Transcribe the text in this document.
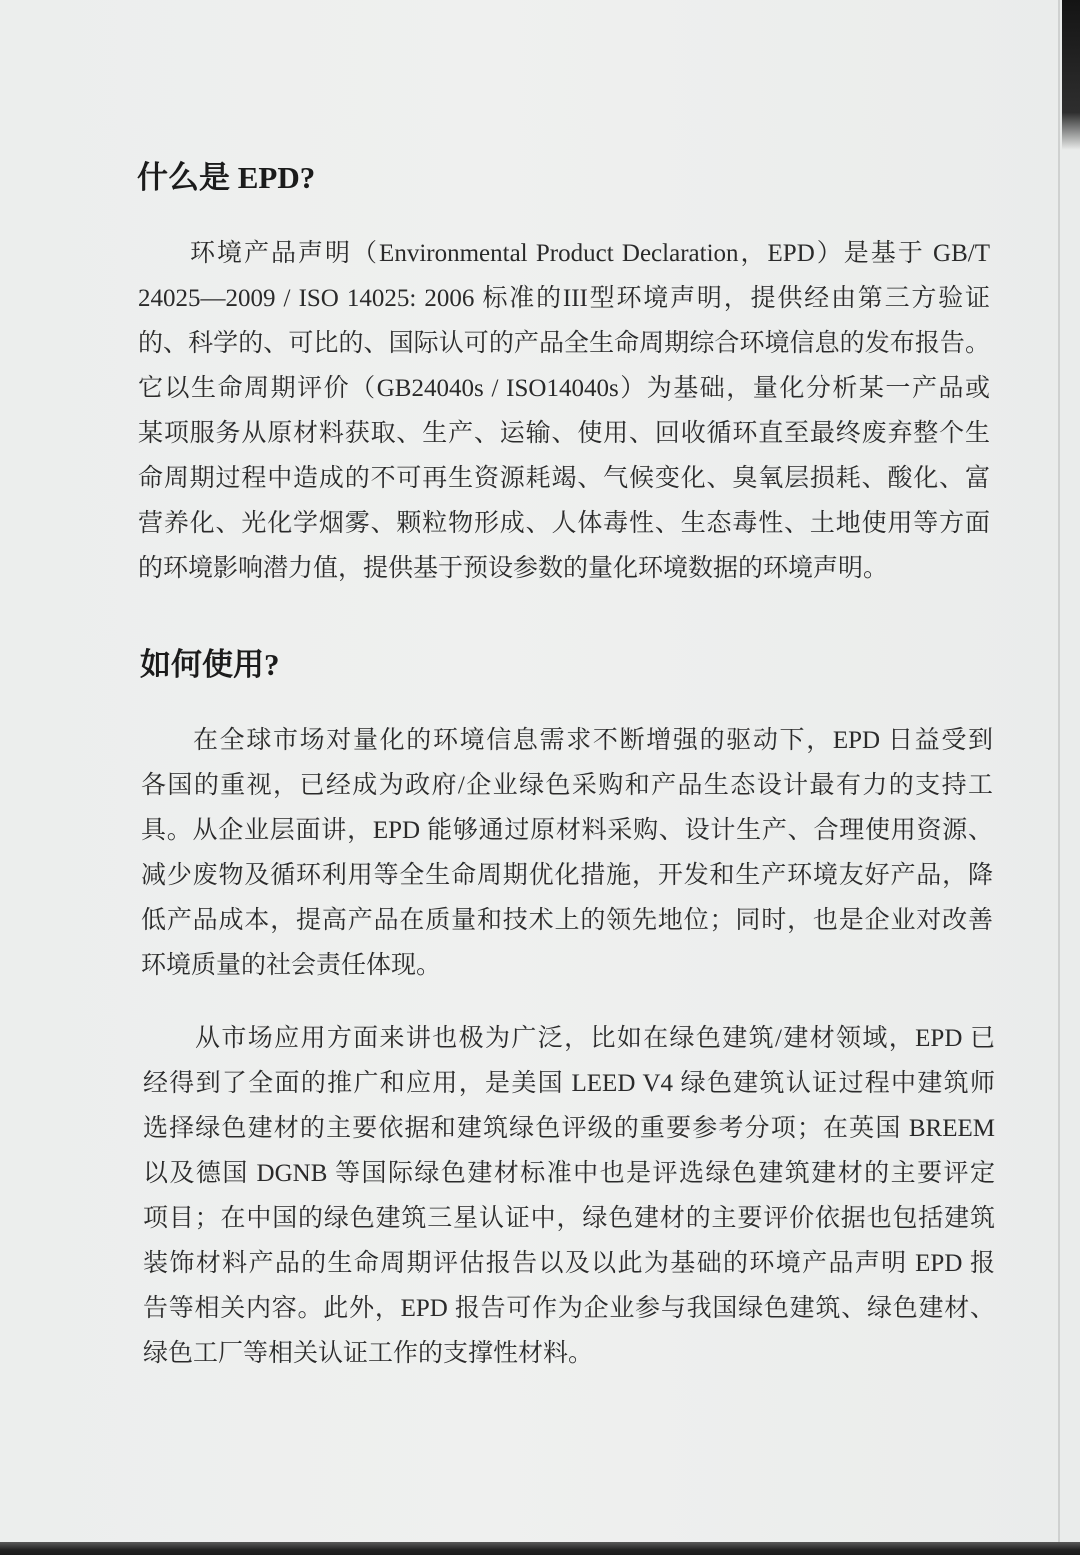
什么是 EPD?
环境产品声明（Environmental Product Declaration，EPD）是基于 GB/T
24025—2009 / ISO 14025: 2006 标准的III型环境声明，提供经由第三方验证
的、科学的、可比的、国际认可的产品全生命周期综合环境信息的发布报告。
它以生命周期评价（GB24040s / ISO14040s）为基础，量化分析某一产品或
某项服务从原材料获取、生产、运输、使用、回收循环直至最终废弃整个生
命周期过程中造成的不可再生资源耗竭、气候变化、臭氧层损耗、酸化、富
营养化、光化学烟雾、颗粒物形成、人体毒性、生态毒性、土地使用等方面
的环境影响潜力值，提供基于预设参数的量化环境数据的环境声明。
如何使用?
在全球市场对量化的环境信息需求不断增强的驱动下，EPD 日益受到
各国的重视，已经成为政府/企业绿色采购和产品生态设计最有力的支持工
具。从企业层面讲，EPD 能够通过原材料采购、设计生产、合理使用资源、
减少废物及循环利用等全生命周期优化措施，开发和生产环境友好产品，降
低产品成本，提高产品在质量和技术上的领先地位；同时，也是企业对改善
环境质量的社会责任体现。
从市场应用方面来讲也极为广泛，比如在绿色建筑/建材领域，EPD 已
经得到了全面的推广和应用，是美国 LEED V4 绿色建筑认证过程中建筑师
选择绿色建材的主要依据和建筑绿色评级的重要参考分项；在英国 BREEM
以及德国 DGNB 等国际绿色建材标准中也是评选绿色建筑建材的主要评定
项目；在中国的绿色建筑三星认证中，绿色建材的主要评价依据也包括建筑
装饰材料产品的生命周期评估报告以及以此为基础的环境产品声明 EPD 报
告等相关内容。此外，EPD 报告可作为企业参与我国绿色建筑、绿色建材、
绿色工厂等相关认证工作的支撑性材料。
